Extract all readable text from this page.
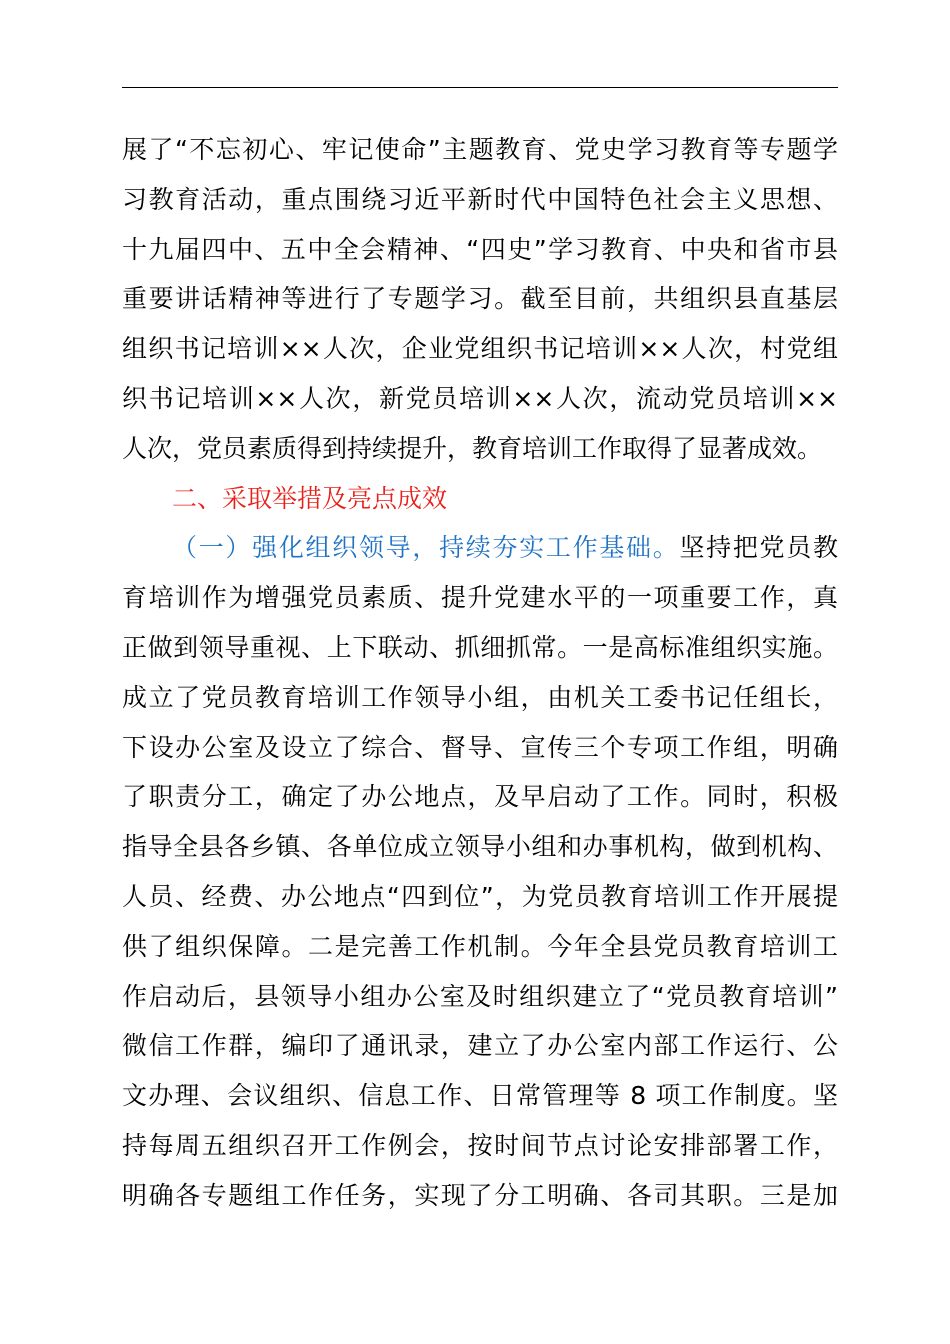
展了“不忘初心、牢记使命”主题教育、党史学习教育等专题学
习教育活动，重点围绕习近平新时代中国特色社会主义思想、
十九届四中、五中全会精神、“四史”学习教育、中央和省市县
重要讲话精神等进行了专题学习。截至目前，共组织县直基层
组织书记培训××人次，企业党组织书记培训××人次，村党组
织书记培训××人次，新党员培训××人次，流动党员培训××
人次，党员素质得到持续提升，教育培训工作取得了显著成效。
二、采取举措及亮点成效
（一）强化组织领导，持续夯实工作基础。坚持把党员教
育培训作为增强党员素质、提升党建水平的一项重要工作，真
正做到领导重视、上下联动、抓细抓常。一是高标准组织实施。
成立了党员教育培训工作领导小组，由机关工委书记任组长，
下设办公室及设立了综合、督导、宣传三个专项工作组，明确
了职责分工，确定了办公地点，及早启动了工作。同时，积极
指导全县各乡镇、各单位成立领导小组和办事机构，做到机构、
人员、经费、办公地点“四到位”，为党员教育培训工作开展提
供了组织保障。二是完善工作机制。今年全县党员教育培训工
作启动后，县领导小组办公室及时组织建立了“党员教育培训”
微信工作群，编印了通讯录，建立了办公室内部工作运行、公
文办理、会议组织、信息工作、日常管理等 8 项工作制度。坚
持每周五组织召开工作例会，按时间节点讨论安排部署工作，
明确各专题组工作任务，实现了分工明确、各司其职。三是加
